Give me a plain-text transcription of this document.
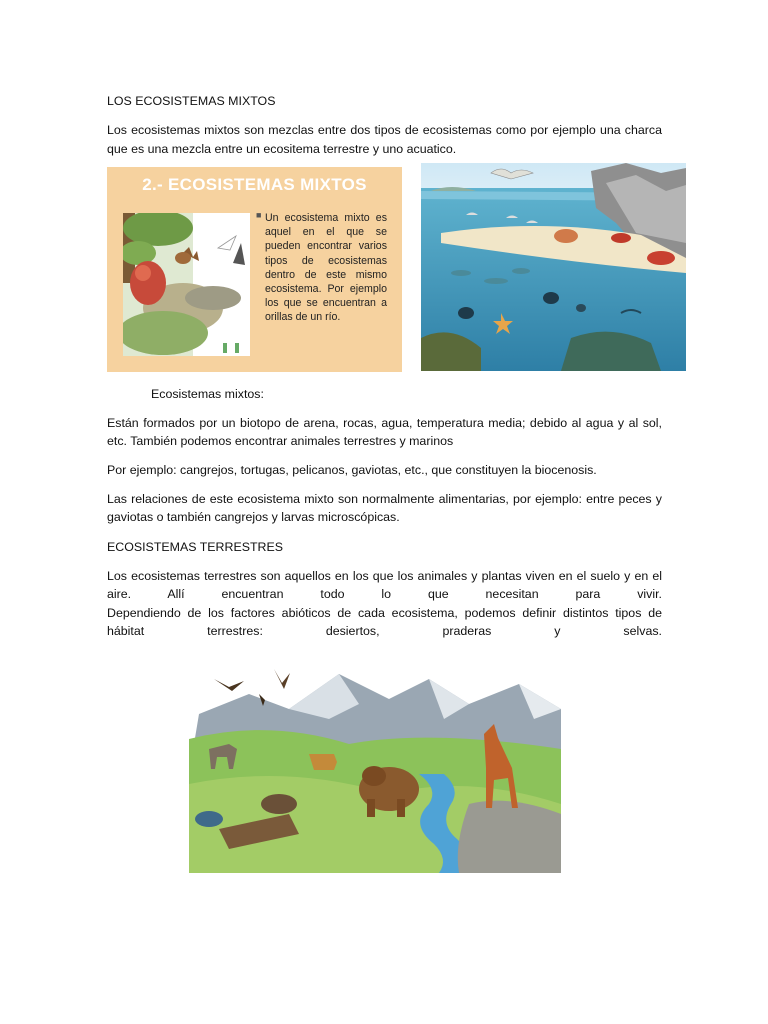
LOS ECOSISTEMAS MIXTOS

Los ecosistemas mixtos son mezclas entre dos tipos de ecosistemas como por ejemplo una charca

que es una mezcla entre un ecositema terrestre y uno acuatico.

2.- ECOSISTEMAS MIXTOS
■ Un ecosistema mixto es aquel en el que se pueden encontrar varios tipos de ecosistemas dentro de este mismo ecosistema. Por ejemplo los que se encuentran a orillas de un río.

Ecosistemas mixtos:

Están formados por un biotopo de arena, rocas, agua, temperatura media; debido al agua y al sol,

etc. También podemos encontrar animales terrestres y marinos

Por ejemplo: cangrejos, tortugas, pelicanos, gaviotas, etc., que constituyen la biocenosis.

Las relaciones de este ecosistema mixto son normalmente alimentarias, por ejemplo: entre peces y

gaviotas o también cangrejos y larvas microscópicas.

ECOSISTEMAS TERRESTRES

Los ecosistemas terrestres son aquellos en los que los animales y plantas viven en el suelo y en el

aire. Allí encuentran todo lo que necesitan para vivir.

Dependiendo de los factores abióticos de cada ecosistema, podemos definir distintos tipos de

hábitat terrestres: desiertos, praderas y selvas.
